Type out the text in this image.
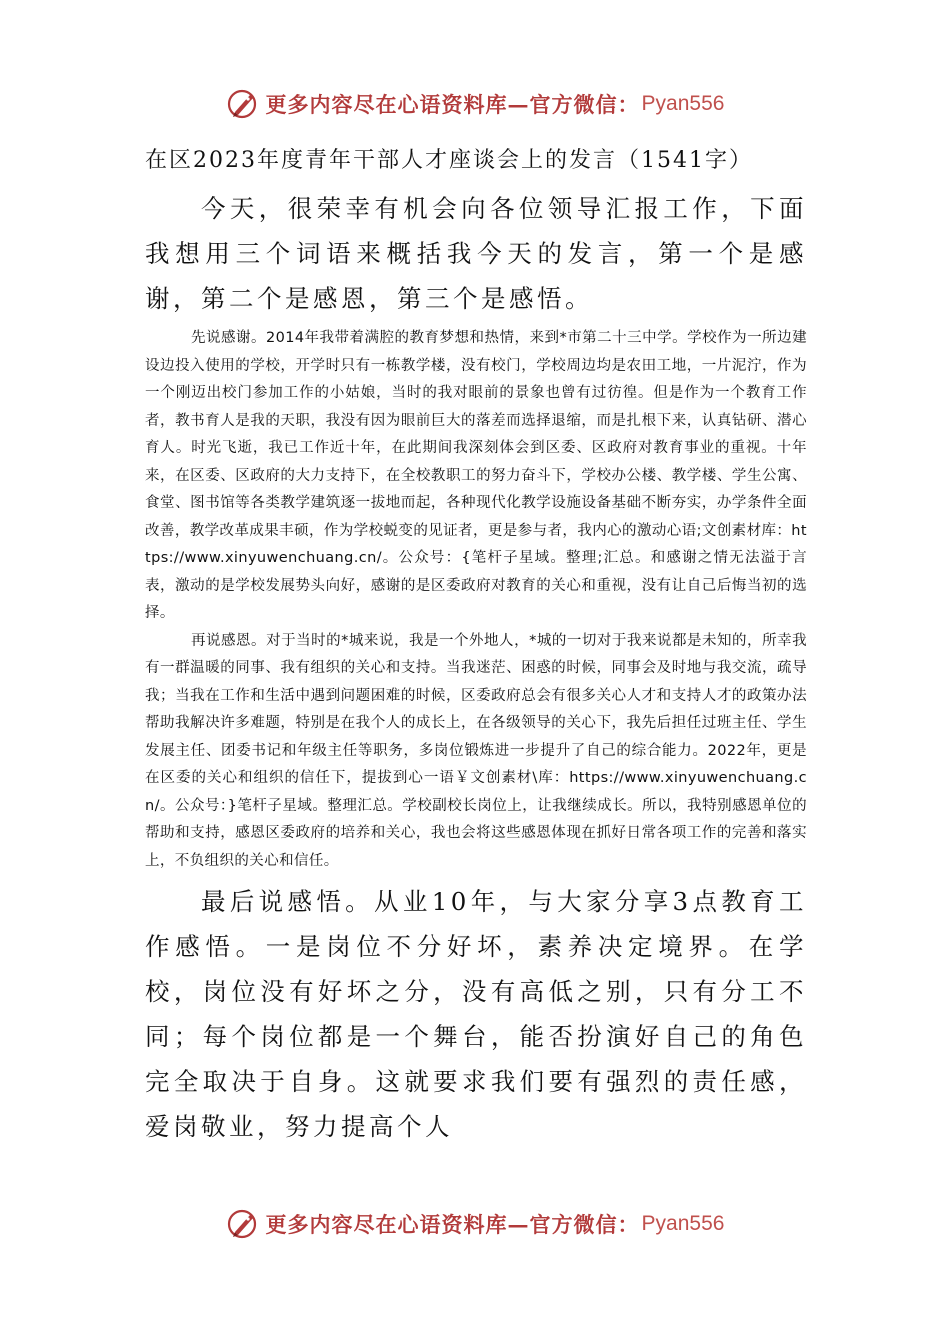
更多内容尽在心语资料库—官方微信： Pyan556
在区2023年度青年干部人才座谈会上的发言（1541字）

今天，很荣幸有机会向各位领导汇报工作，下面我想用三个词语来概括我今天的发言，第一个是感谢，第二个是感恩，第三个是感悟。

先说感谢。2014年我带着满腔的教育梦想和热情，来到*市第二十三中学。学校作为一所边建设边投入使用的学校，开学时只有一栋教学楼，没有校门，学校周边均是农田工地，一片泥泞，作为一个刚迈出校门参加工作的小姑娘，当时的我对眼前的景象也曾有过彷徨。但是作为一个教育工作者，教书育人是我的天职，我没有因为眼前巨大的落差而选择退缩，而是扎根下来，认真钻研、潜心育人。时光飞逝，我已工作近十年，在此期间我深刻体会到区委、区政府对教育事业的重视。十年来，在区委、区政府的大力支持下，在全校教职工的努力奋斗下，学校办公楼、教学楼、学生公寓、食堂、图书馆等各类教学建筑逐一拔地而起，各种现代化教学设施设备基础不断夯实，办学条件全面改善，教学改革成果丰硕，作为学校蜕变的见证者，更是参与者，我内心的激动心语;文创素材库：https://www.xinyuwenchuang.cn/。公众号：{笔杆子星域。整理;汇总。和感谢之情无法溢于言表，激动的是学校发展势头向好，感谢的是区委政府对教育的关心和重视，没有让自己后悔当初的选择。

再说感恩。对于当时的*城来说，我是一个外地人，*城的一切对于我来说都是未知的，所幸我有一群温暖的同事、我有组织的关心和支持。当我迷茫、困惑的时候，同事会及时地与我交流，疏导我；当我在工作和生活中遇到问题困难的时候，区委政府总会有很多关心人才和支持人才的政策办法帮助我解决许多难题，特别是在我个人的成长上，在各级领导的关心下，我先后担任过班主任、学生发展主任、团委书记和年级主任等职务，多岗位锻炼进一步提升了自己的综合能力。2022年，更是在区委的关心和组织的信任下，提拔到心一语￥文创素材\库：https://www.xinyuwenchuang.cn/。公众号：}笔杆子星域。整理汇总。学校副校长岗位上，让我继续成长。所以，我特别感恩单位的帮助和支持，感恩区委政府的培养和关心，我也会将这些感恩体现在抓好日常各项工作的完善和落实上，不负组织的关心和信任。

最后说感悟。从业10年，与大家分享3点教育工作感悟。一是岗位不分好坏，素养决定境界。在学校，岗位没有好坏之分，没有高低之别，只有分工不同；每个岗位都是一个舞台，能否扮演好自己的角色完全取决于自身。这就要求我们要有强烈的责任感，爱岗敬业，努力提高个人

更多内容尽在心语资料库—官方微信： Pyan556
